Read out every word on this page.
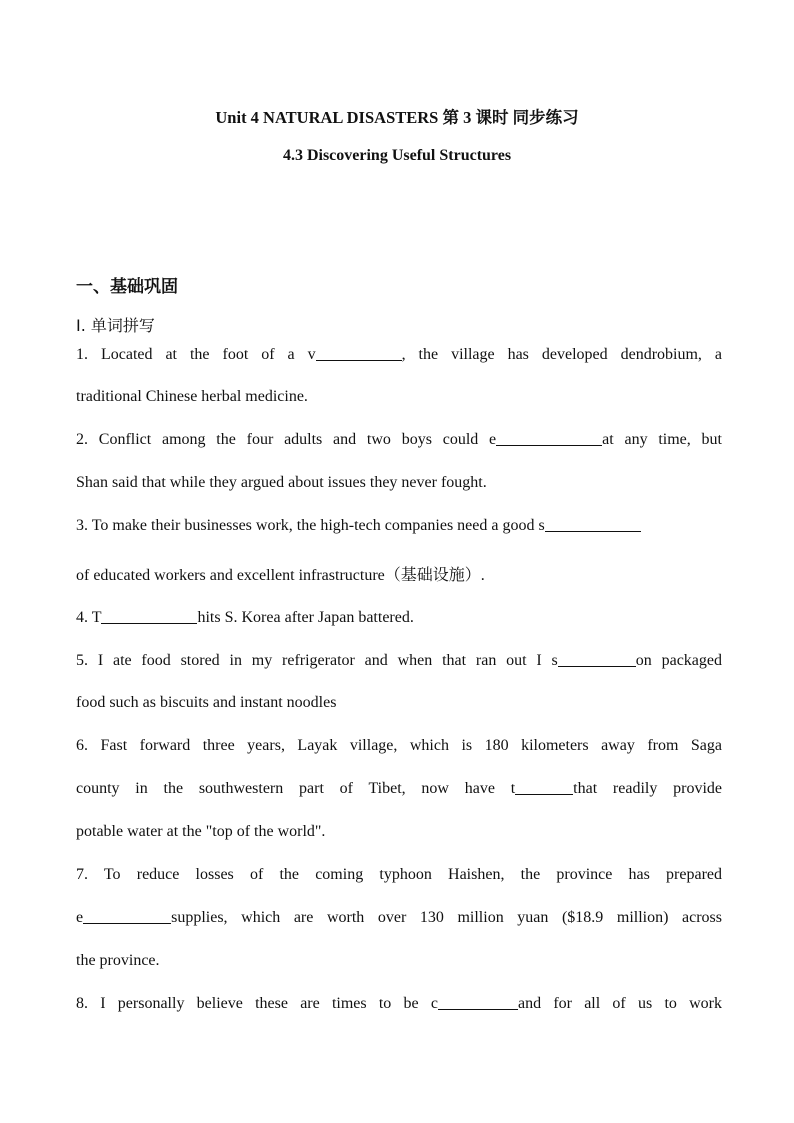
Unit 4 NATURAL DISASTERS 第 3 课时 同步练习
4.3 Discovering Useful Structures
一、基础巩固
Ⅰ. 单词拼写
1. Located at the foot of a v	, the village has developed dendrobium, a
traditional Chinese herbal medicine.
2. Conflict among the four adults and two boys could e	at any time, but
Shan said that while they argued about issues they never fought.
3. To make their businesses work, the high-tech companies need a good s
of educated workers and excellent infrastructure（基础设施）.
4. T	hits S. Korea after Japan battered.
5. I ate food stored in my refrigerator and when that ran out I s	on packaged
food such as biscuits and instant noodles
6. Fast forward three years, Layak village, which is 180 kilometers away from Saga
county in the southwestern part of Tibet, now have t	that readily provide
potable water at the "top of the world".
7. To reduce losses of the coming typhoon Haishen, the province has prepared
e	supplies, which are worth over 130 million yuan ($18.9 million) across
the province.
8. I personally believe these are times to be c	and for all of us to work
